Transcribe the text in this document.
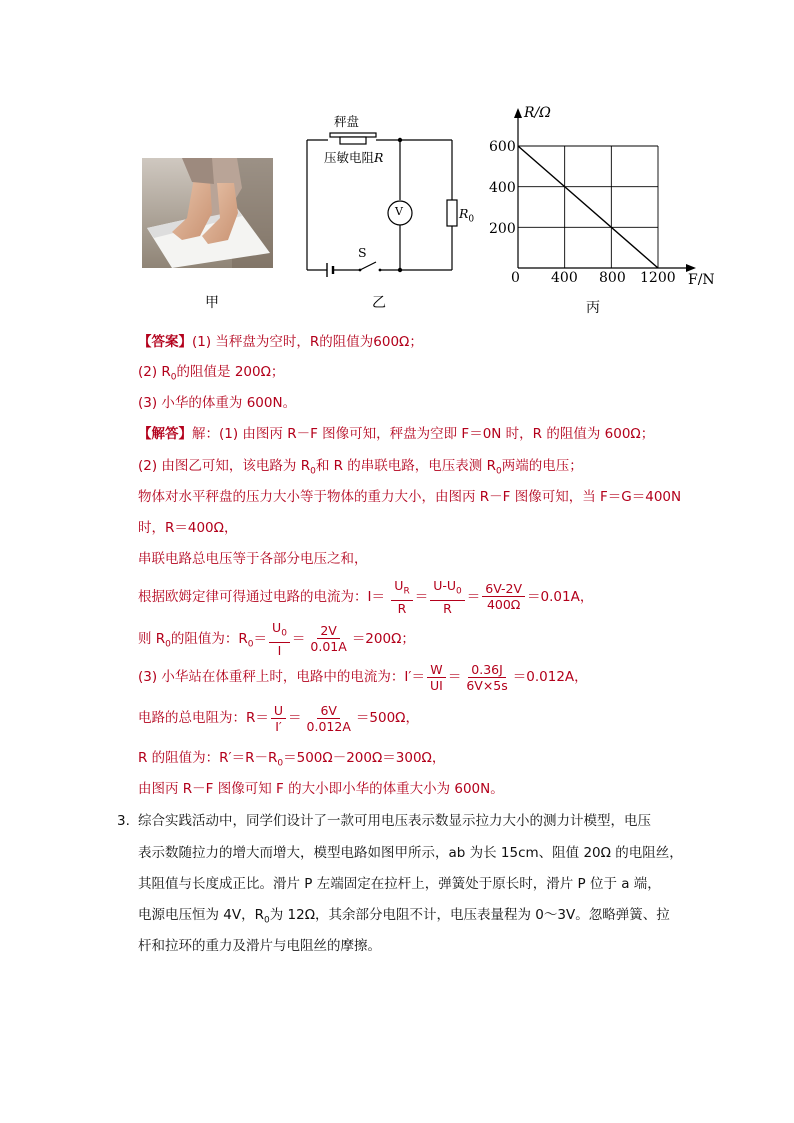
甲
秤盘
压敏电阻R
V	$R_0$
S
乙
R/Ω
F/N
0
600
400
200
400 800 1200
丙
【答案】(1) 当秤盘为空时，R的阻值为600Ω；
(2) $R_0$的阻值是 200Ω；
(3) 小华的体重为 600N。
【解答】解：(1) 由图丙 R－F 图像可知，秤盘为空即 F＝0N 时，R 的阻值为 600Ω；
(2) 由图乙可知，该电路为 $R_0$和 R 的串联电路，电压表测 $R_0$两端的电压；
物体对水平秤盘的压力大小等于物体的重力大小，由图丙 R－F 图像可知，当 F＝G＝400N
时，R＝400Ω，
串联电路总电压等于各部分电压之和，
根据欧姆定律可得通过电路的电流为：$I= \frac{U_R}{R} = \frac{U-U_0}{R} = \frac{6V-2V}{400\Omega} =0.01A$，
则 $R_0$的阻值为：$R_0= \frac{U_0}{I} = \frac{2V}{0.01A} =200\Omega$；
(3) 小华站在体重秤上时，电路中的电流为：$I'= \frac{W}{UI} = \frac{0.36J}{6V\times 5s} =0.012A$，
电路的总电阻为：$R= \frac{U}{I'} = \frac{6V}{0.012A} =500\Omega$，
R 的阻值为：$R'=R-R_0=500\Omega-200\Omega=300\Omega$，
由图丙 R－F 图像可知 F 的大小即小华的体重大小为 600N。
3. 综合实践活动中，同学们设计了一款可用电压表示数显示拉力大小的测力计模型，电压
表示数随拉力的增大而增大，模型电路如图甲所示，ab 为长 15cm、阻值 20Ω 的电阻丝，
其阻值与长度成正比。滑片 P 左端固定在拉杆上，弹簧处于原长时，滑片 P 位于 a 端，
电源电压恒为 4V，$R_0$为 12Ω，其余部分电阻不计，电压表量程为 0～3V。忽略弹簧、拉
杆和拉环的重力及滑片与电阻丝的摩擦。
